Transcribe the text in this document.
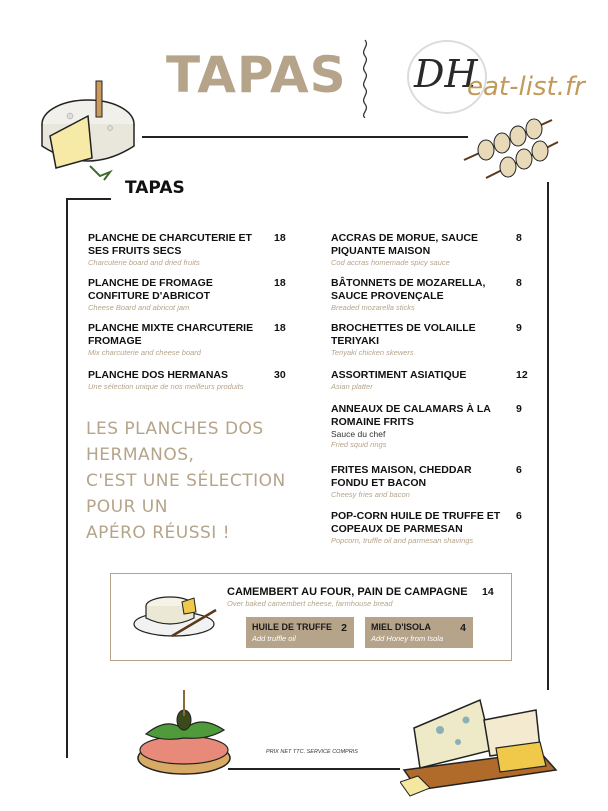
TAPAS DH
eat-list.fr
TAPAS
PLANCHE DE CHARCUTERIE ET
SES FRUITS SECS
Charcuterie board and dried fruits
18
PLANCHE DE FROMAGE
CONFITURE D'ABRICOT
Cheese Board and abricot jam
18
PLANCHE MIXTE CHARCUTERIE
FROMAGE
Mix charcuterie and cheese board
18
PLANCHE DOS HERMANAS
Une sélection unique de nos meilleurs produits
30
LES PLANCHES DOS HERMANOS,
C'EST UNE SÉLECTION POUR UN
APÉRO RÉUSSI !
ACCRAS DE MORUE, SAUCE
PIQUANTE MAISON
Cod accras homemade spicy sauce
8
BÂTONNETS DE MOZARELLA,
SAUCE PROVENÇALE
Breaded mozarella sticks
8
BROCHETTES DE VOLAILLE
TERIYAKI
Teriyaki chicken skewers
9
ASSORTIMENT ASIATIQUE
Asian platter
12
ANNEAUX DE CALAMARS À LA
ROMAINE FRITS
Sauce du chef
Fried squid rings
9
FRITES MAISON, CHEDDAR
FONDU ET BACON
Cheesy fries and bacon
6
POP-CORN HUILE DE TRUFFE ET
COPEAUX DE PARMESAN
Popcorn, truffle oil and parmesan shavings
6
CAMEMBERT AU FOUR, PAIN DE CAMPAGNE
Over baked camembert cheese, farmhouse bread
14
HUILE DE TRUFFE
Add truffle oil
2	MIEL D'ISOLA
Add Honey from Isola
4
PRIX NET TTC. SERVICE COMPRIS
